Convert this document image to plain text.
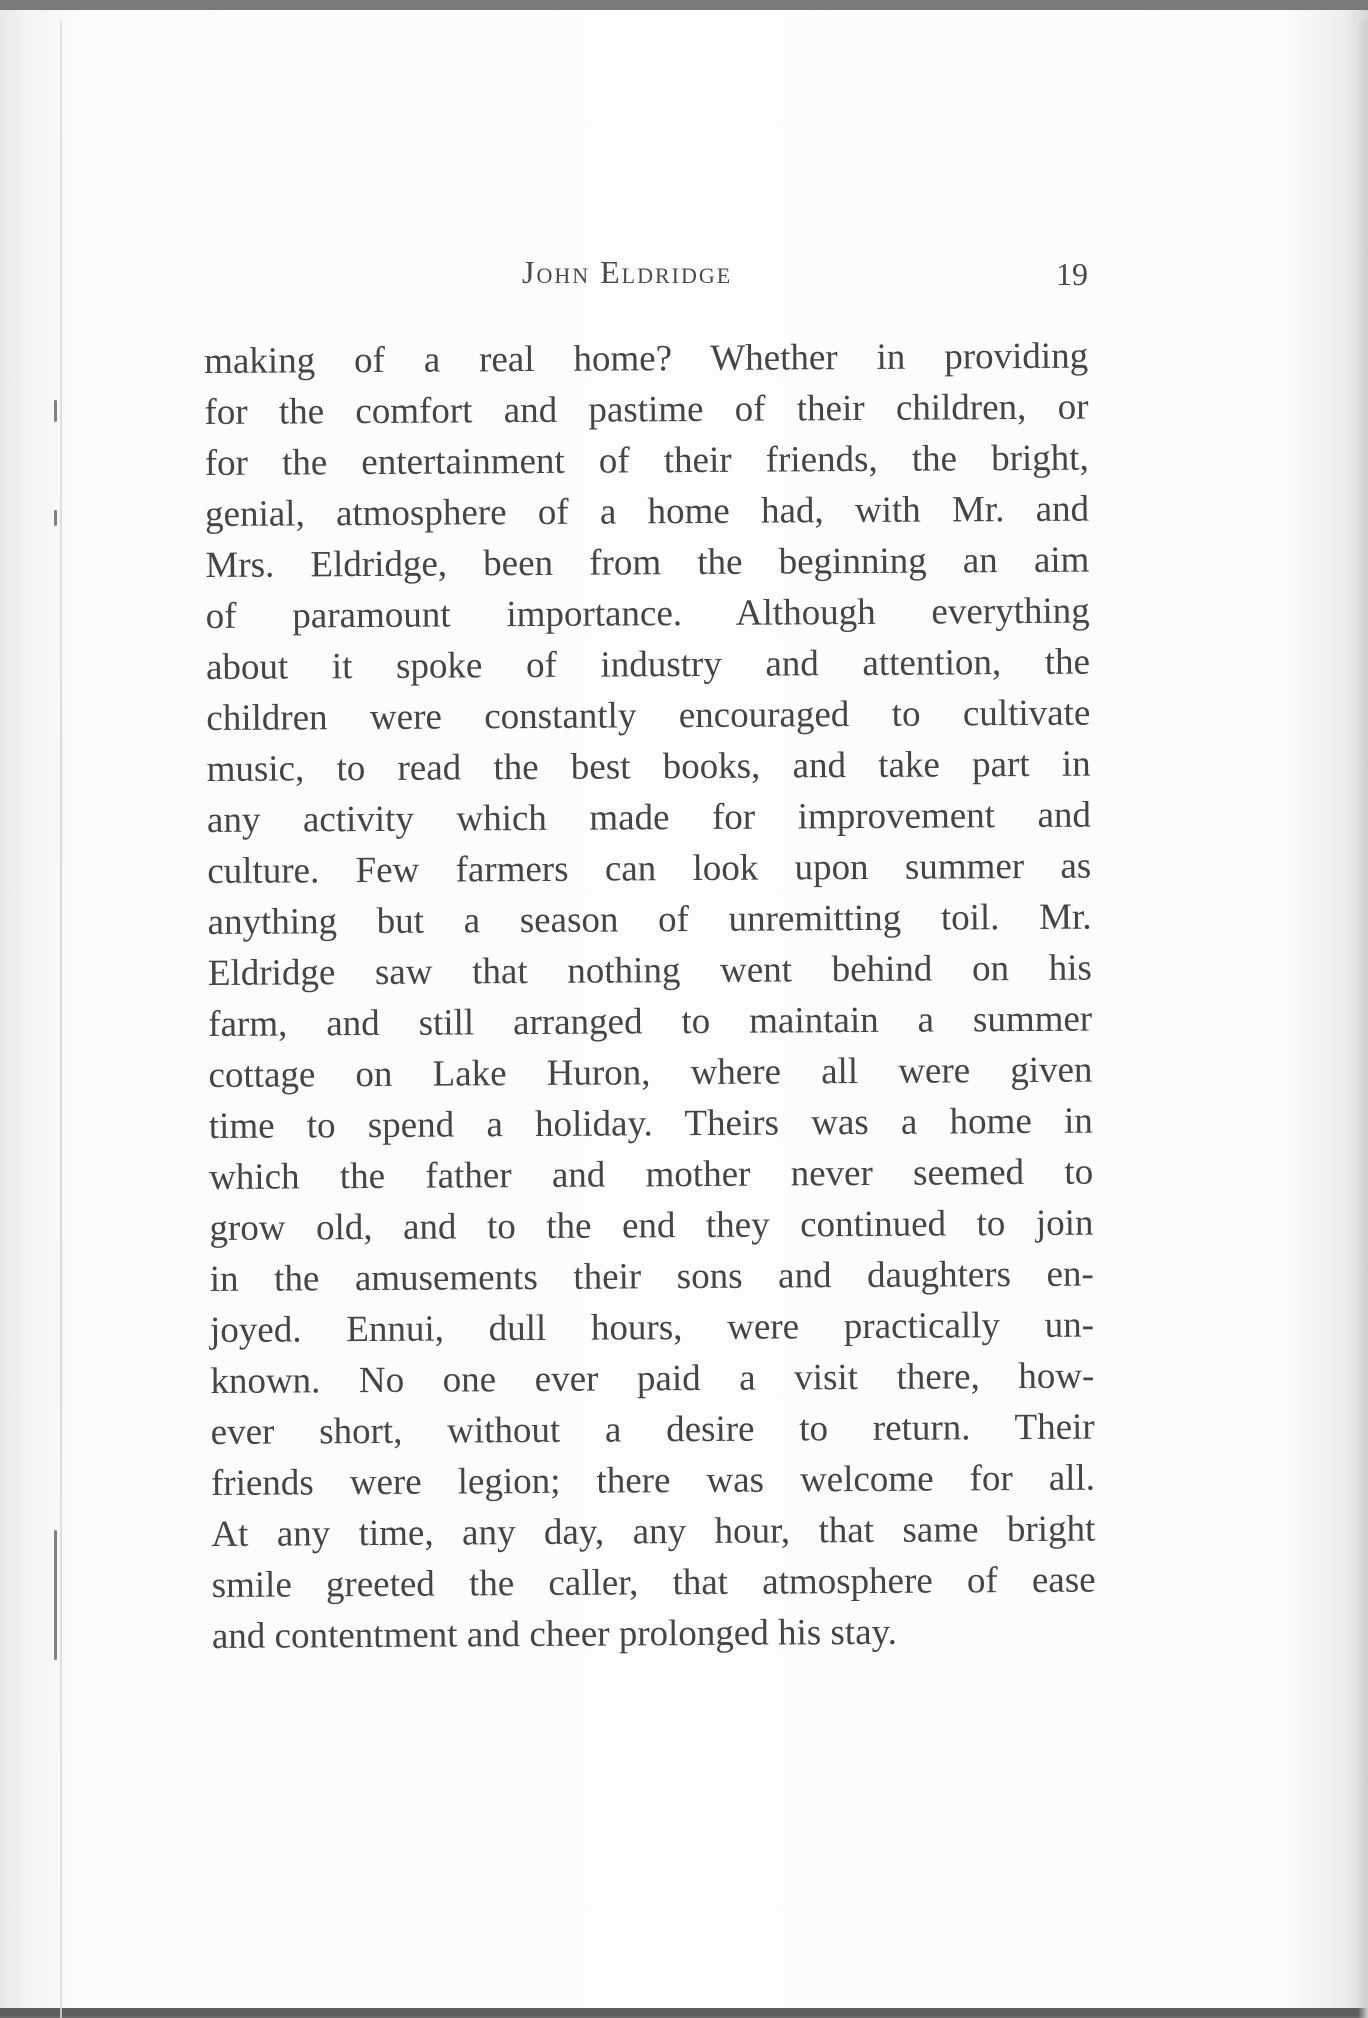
John Eldridge	19
making of a real home? Whether in providing
for the comfort and pastime of their children, or
for the entertainment of their friends, the bright,
genial, atmosphere of a home had, with Mr. and
Mrs. Eldridge, been from the beginning an aim
of paramount importance. Although everything
about it spoke of industry and attention, the
children were constantly encouraged to cultivate
music, to read the best books, and take part in
any activity which made for improvement and
culture. Few farmers can look upon summer as
anything but a season of unremitting toil. Mr.
Eldridge saw that nothing went behind on his
farm, and still arranged to maintain a summer
cottage on Lake Huron, where all were given
time to spend a holiday. Theirs was a home in
which the father and mother never seemed to
grow old, and to the end they continued to join
in the amusements their sons and daughters en-
joyed. Ennui, dull hours, were practically un-
known. No one ever paid a visit there, how-
ever short, without a desire to return. Their
friends were legion; there was welcome for all.
At any time, any day, any hour, that same bright
smile greeted the caller, that atmosphere of ease
and contentment and cheer prolonged his stay.
